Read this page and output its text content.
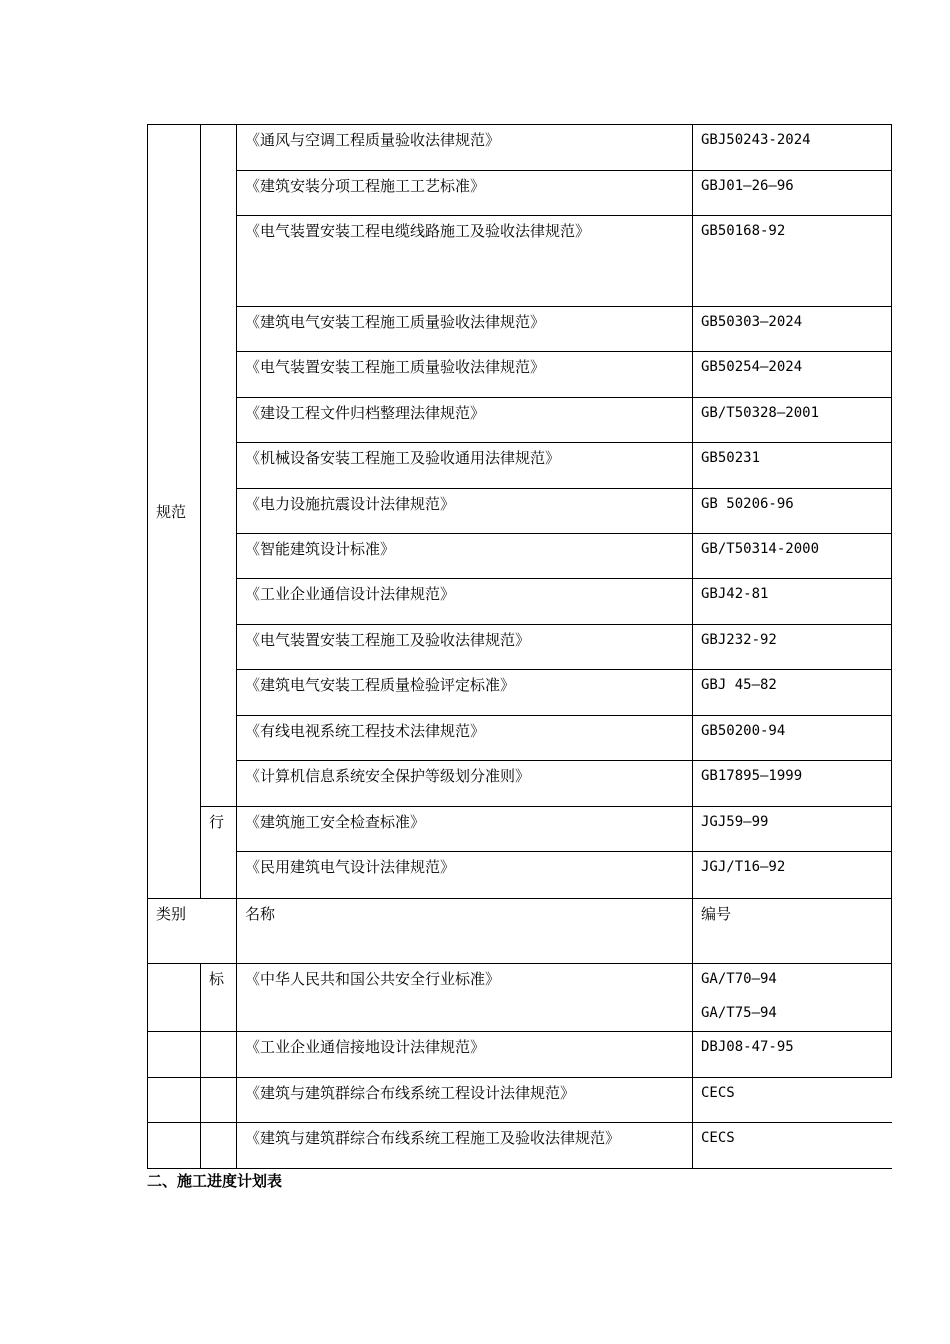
规范		《通风与空调工程质量验收法律规范》	GBJ50243-2024
		《建筑安装分项工程施工工艺标准》	GBJ01—26—96
		《电气装置安装工程电缆线路施工及验收法律规范》	GB50168-92
		《建筑电气安装工程施工质量验收法律规范》	GB50303—2024
		《电气装置安装工程施工质量验收法律规范》	GB50254—2024
		《建设工程文件归档整理法律规范》	GB/T50328—2001
		《机械设备安装工程施工及验收通用法律规范》	GB50231
		《电力设施抗震设计法律规范》	GB 50206-96
		《智能建筑设计标准》	GB/T50314-2000
		《工业企业通信设计法律规范》	GBJ42-81
		《电气装置安装工程施工及验收法律规范》	GBJ232-92
		《建筑电气安装工程质量检验评定标准》	GBJ 45—82
		《有线电视系统工程技术法律规范》	GB50200-94
		《计算机信息系统安全保护等级划分准则》	GB17895—1999
	行	《建筑施工安全检查标准》	JGJ59—99
		《民用建筑电气设计法律规范》	JGJ/T16—92
类别		名称	编号
	标	《中华人民共和国公共安全行业标准》	GA/T70—94
GA/T75—94

		《工业企业通信接地设计法律规范》	DBJ08-47-95
		《建筑与建筑群综合布线系统工程设计法律规范》	CECS
		《建筑与建筑群综合布线系统工程施工及验收法律规范》	CECS
二、施工进度计划表
